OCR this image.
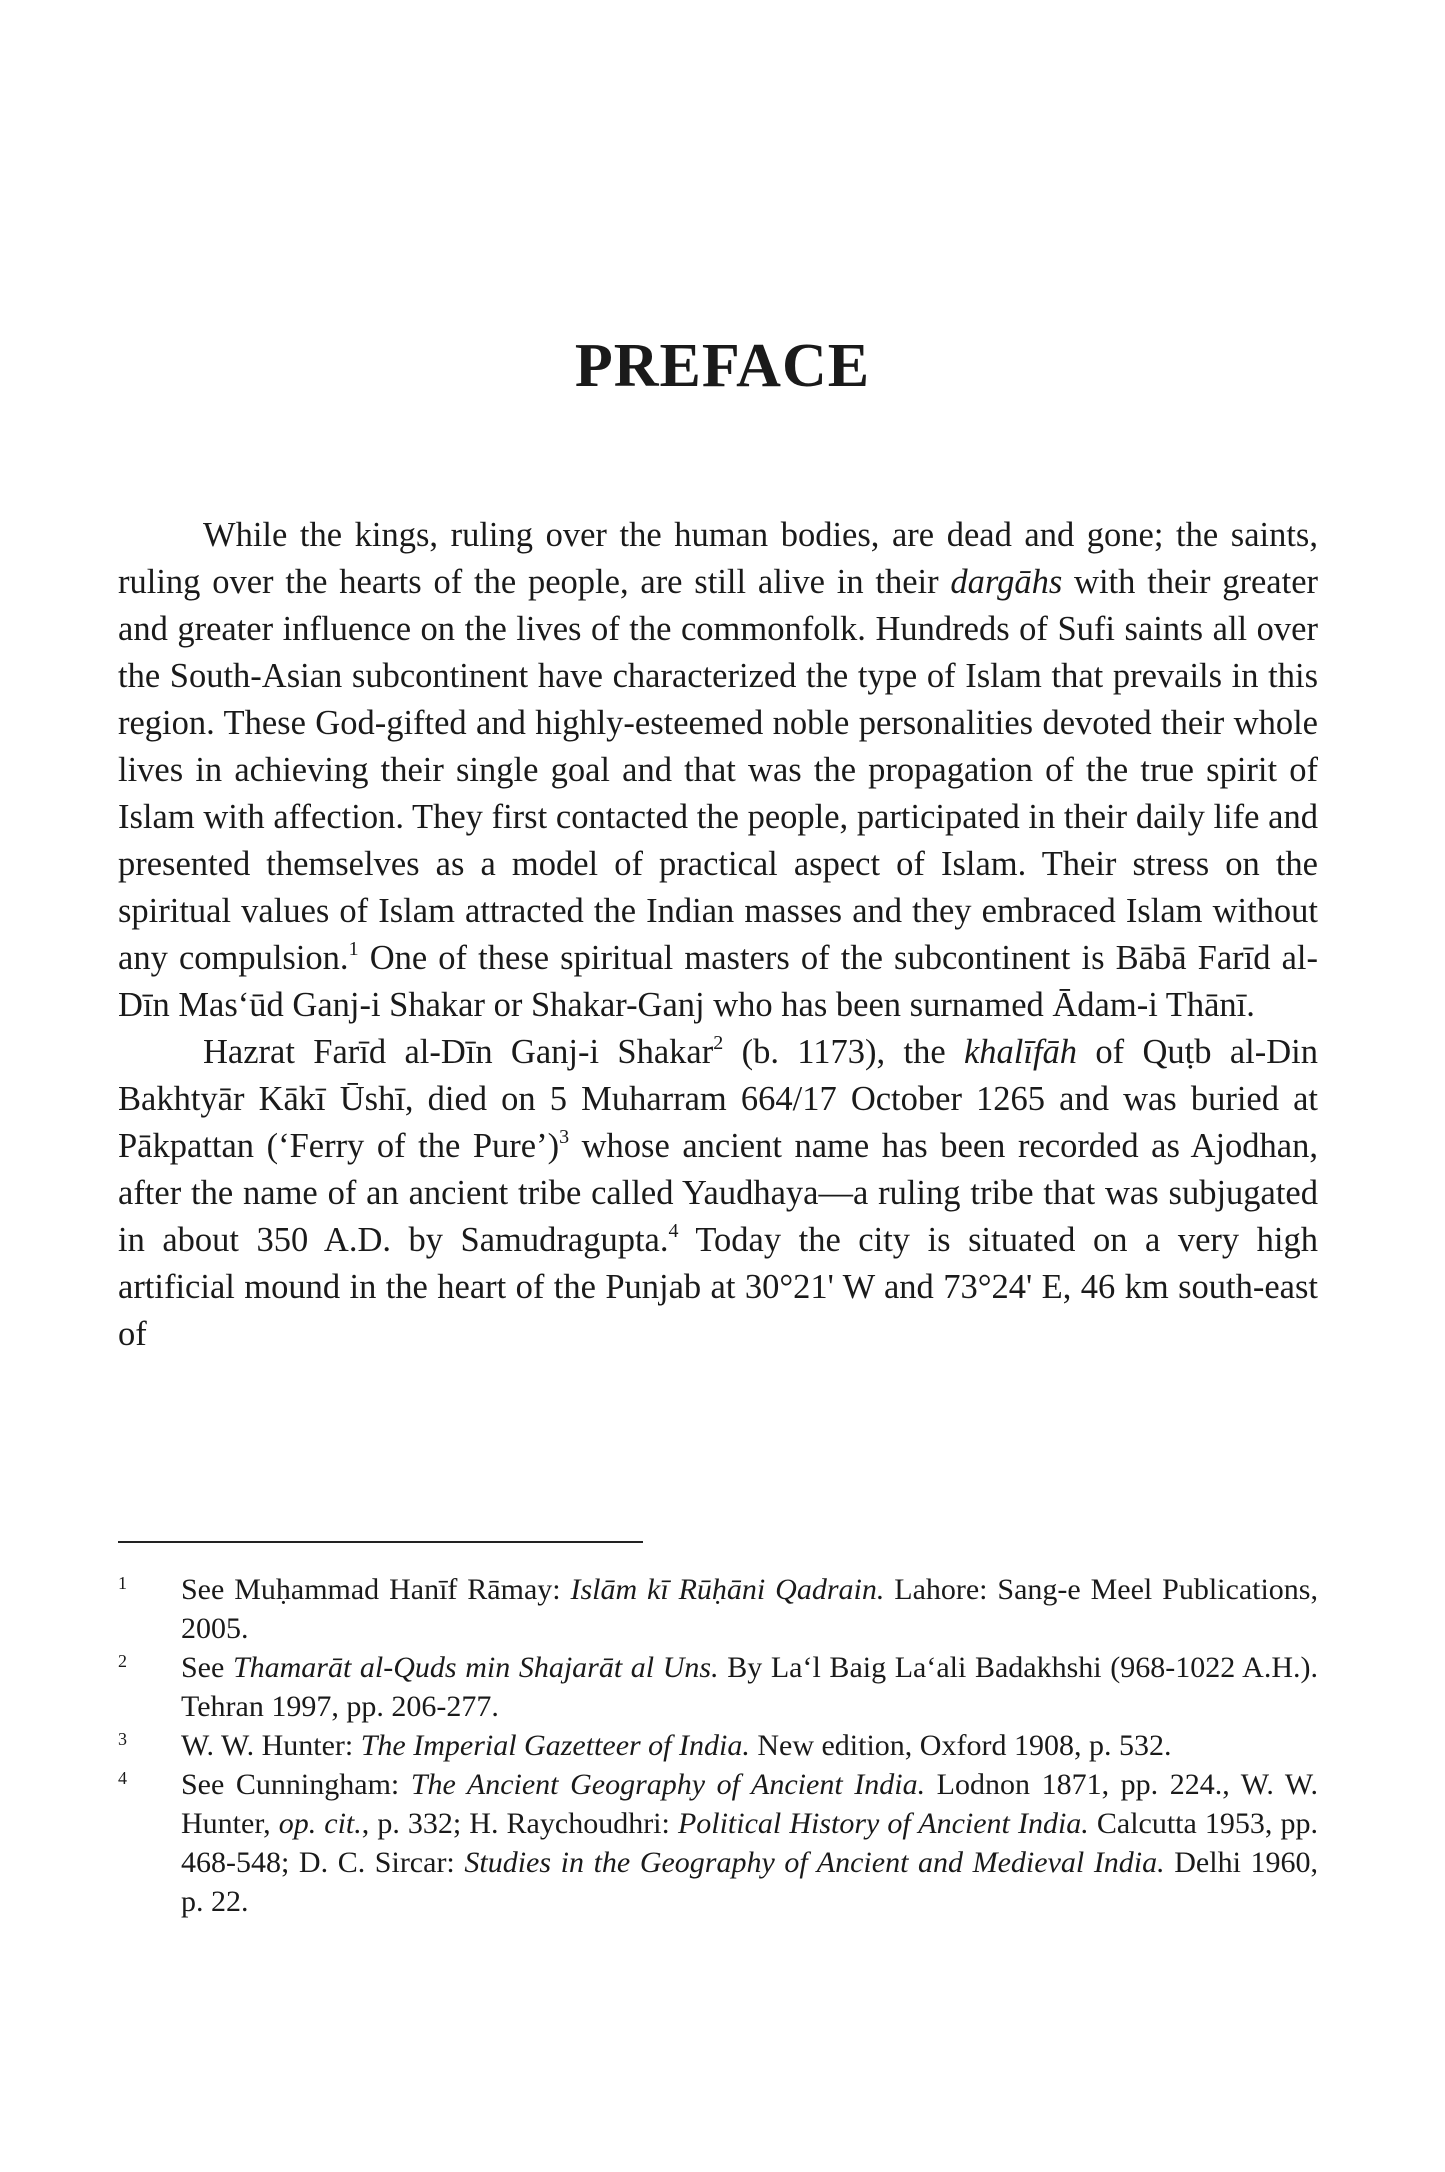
PREFACE

While the kings, ruling over the human bodies, are dead and gone; the saints, ruling over the hearts of the people, are still alive in their dargāhs with their greater and greater influence on the lives of the commonfolk. Hundreds of Sufi saints all over the South-Asian subcontinent have characterized the type of Islam that prevails in this region. These God-gifted and highly-esteemed noble personalities devoted their whole lives in achieving their single goal and that was the propagation of the true spirit of Islam with affection. They first contacted the people, participated in their daily life and presented themselves as a model of practical aspect of Islam. Their stress on the spiritual values of Islam attracted the Indian masses and they embraced Islam without any compulsion.$^1$ One of these spiritual masters of the subcontinent is Bābā Farīd al-Dīn Mas‘ūd Ganj-i Shakar or Shakar-Ganj who has been surnamed Ādam-i Thānī.

Hazrat Farīd al-Dīn Ganj-i Shakar$^2$ (b. 1173), the khalīfāh of Quṭb al-Din Bakhtyār Kākī Ūshī, died on 5 Muharram 664/17 October 1265 and was buried at Pākpattan (‘Ferry of the Pure’)$^3$ whose ancient name has been recorded as Ajodhan, after the name of an ancient tribe called Yaudhaya—a ruling tribe that was subjugated in about 350 A.D. by Samudragupta.$^4$ Today the city is situated on a very high artificial mound in the heart of the Punjab at 30°21' W and 73°24' E, 46 km south-east of

1 See Muḥammad Hanīf Rāmay: Islām kī Rūḥāni Qadrain. Lahore: Sang-e Meel Publications, 2005.
2 See Thamarāt al-Quds min Shajarāt al Uns. By La‘l Baig La‘ali Badakhshi (968-1022 A.H.). Tehran 1997, pp. 206-277.
3 W. W. Hunter: The Imperial Gazetteer of India. New edition, Oxford 1908, p. 532.
4 See Cunningham: The Ancient Geography of Ancient India. Lodnon 1871, pp. 224., W. W. Hunter, op. cit., p. 332; H. Raychoudhri: Political History of Ancient India. Calcutta 1953, pp. 468-548; D. C. Sircar: Studies in the Geography of Ancient and Medieval India. Delhi 1960, p. 22.
